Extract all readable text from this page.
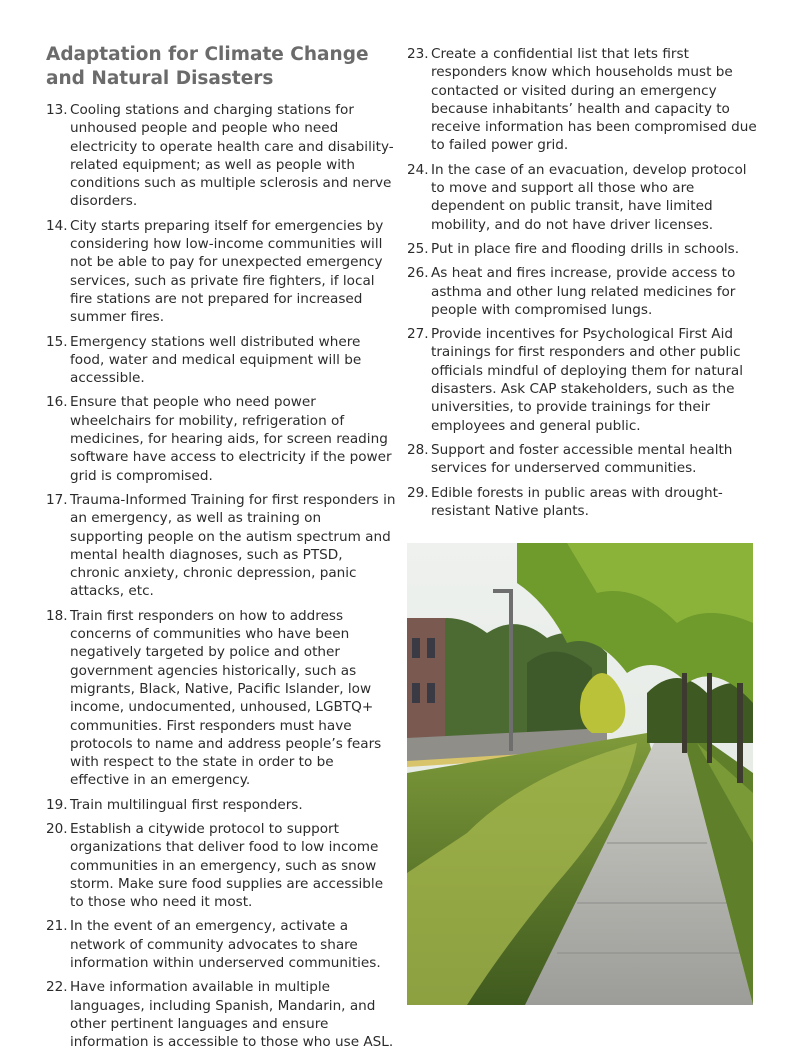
Adaptation for Climate Change and Natural Disasters
13. Cooling stations and charging stations for unhoused people and people who need electricity to operate health care and disability-related equipment; as well as people with conditions such as multiple sclerosis and nerve disorders.
14. City starts preparing itself for emergencies by considering how low-income communities will not be able to pay for unexpected emergency services, such as private fire fighters, if local fire stations are not prepared for increased summer fires.
15. Emergency stations well distributed where food, water and medical equipment will be accessible.
16. Ensure that people who need power wheelchairs for mobility, refrigeration of medicines, for hearing aids, for screen reading software have access to electricity if the power grid is compromised.
17. Trauma-Informed Training for first responders in an emergency, as well as training on supporting people on the autism spectrum and mental health diagnoses, such as PTSD, chronic anxiety, chronic depression, panic attacks, etc.
18. Train first responders on how to address concerns of communities who have been negatively targeted by police and other government agencies historically, such as migrants, Black, Native, Pacific Islander, low income, undocumented, unhoused, LGBTQ+ communities. First responders must have protocols to name and address people’s fears with respect to the state in order to be effective in an emergency.
19. Train multilingual first responders.
20. Establish a citywide protocol to support organizations that deliver food to low income communities in an emergency, such as snow storm. Make sure food supplies are accessible to those who need it most.
21. In the event of an emergency, activate a network of community advocates to share information within underserved communities.
22. Have information available in multiple languages, including Spanish, Mandarin, and other pertinent languages and ensure information is accessible to those who use ASL.
23. Create a confidential list that lets first responders know which households must be contacted or visited during an emergency because inhabitants’ health and capacity to receive information has been compromised due to failed power grid.
24. In the case of an evacuation, develop protocol to move and support all those who are dependent on public transit, have limited mobility, and do not have driver licenses.
25. Put in place fire and flooding drills in schools.
26. As heat and fires increase, provide access to asthma and other lung related medicines for people with compromised lungs.
27. Provide incentives for Psychological First Aid trainings for first responders and other public officials mindful of deploying them for natural disasters. Ask CAP stakeholders, such as the universities, to provide trainings for their employees and general public.
28. Support and foster accessible mental health services for underserved communities.
29. Edible forests in public areas with drought-resistant Native plants.
